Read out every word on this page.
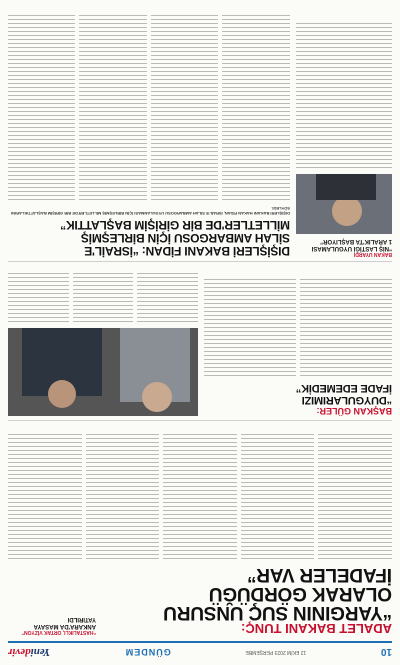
10
12 EKİM 2023 PERŞEMBE
GÜNDEM
Yenidevir
ADALET BAKANI TUNÇ:
“YARGININ SUÇ UNSURU
OLARAK GÖRDÜĞÜ
İFADELER VAR”
“HASTALIKLI, ORTAK VİZYON”
ANKARA'DA MASAYA YATIRILDI
BAŞKAN GÜLER:
“DUYGULARIMIZI
İFADE EDEMEDİK”
BAKAN UYARDI
“NİŞ LASTİĞİ UYGULAMASI
1 ARALIK'TA BAŞLIYOR”
DIŞİŞLERİ BAKANI FİDAN: “İSRAİL'E
SİLAH AMBARGOSU İÇİN BİRLEŞMİŞ
MİLLETLER'DE BİR GİRİŞİM BAŞLATTIK”
DIŞİŞLERİ BAKANI HAKAN FİDAN, İSRAİL'E SİLAH AMBARGOSU UYGULANMASI İÇİN BİRLEŞMİŞ MİLLETLER'DE BİR GİRİŞİM BAŞLATTIKLARINI SÖYLEDİ.
